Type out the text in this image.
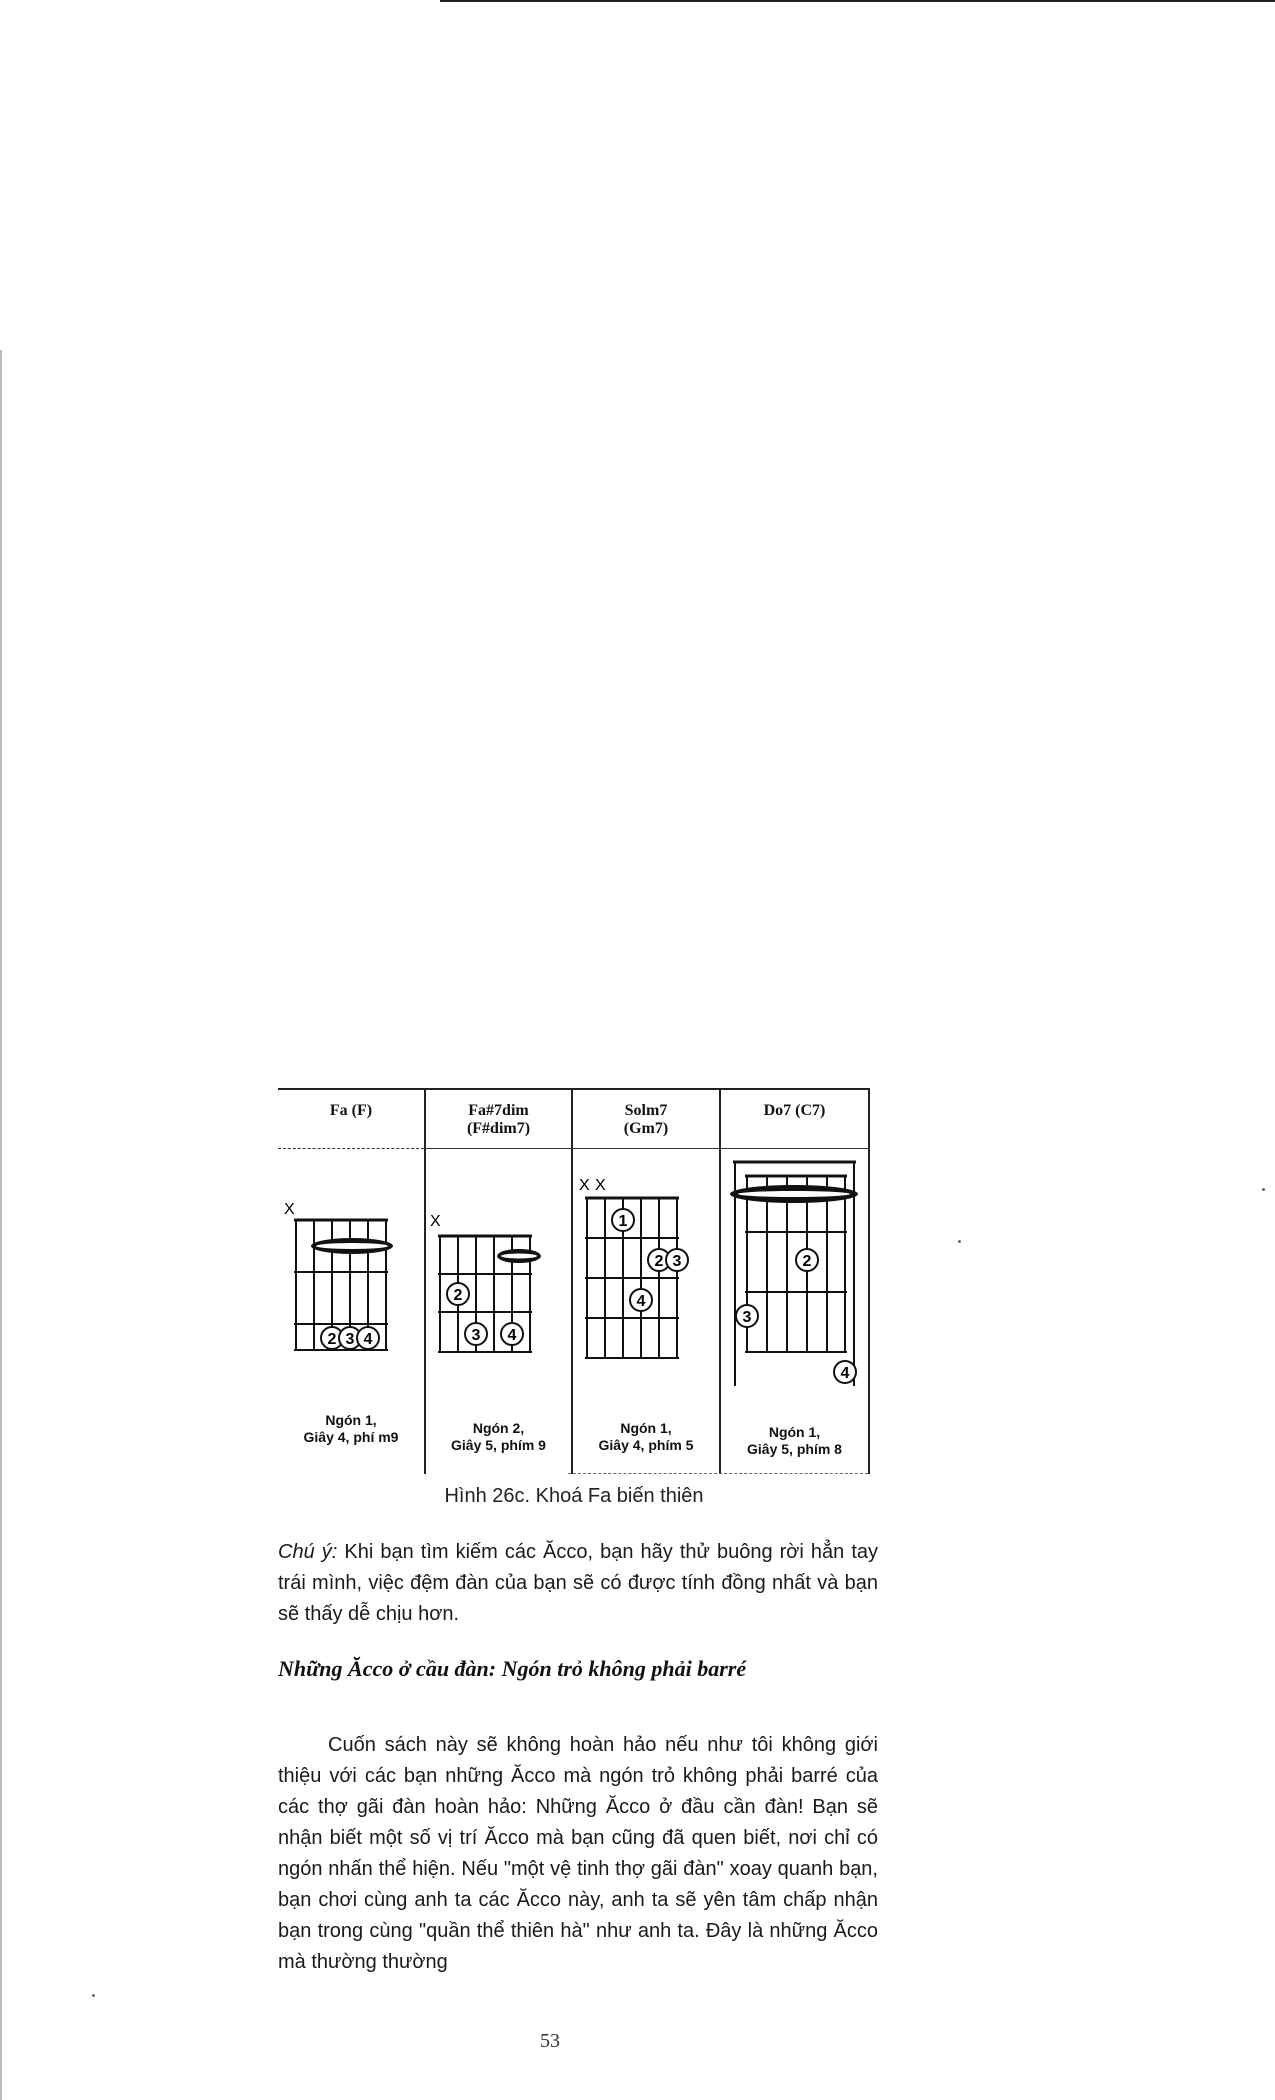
Fa (F)
X
2 3 4
Ngón 1,
Giây 4, phí m9
Fa#7dim
(F#dim7)
X
2
3 4
Ngón 2,
Giây 5, phím 9
Solm7
(Gm7)
X X
1
2 3
4
Ngón 1,
Giây 4, phím 5
Do7 (C7)
2
3
4
Ngón 1,
Giây 5, phím 8
Hình 26c. Khoá Fa biến thiên
Chú ý: Khi bạn tìm kiếm các Ăcco, bạn hãy thử buông rời hẳn tay trái mình, việc đệm đàn của bạn sẽ có được tính đồng nhất và bạn sẽ thấy dễ chịu hơn.
Những Ăcco ở cầu đàn: Ngón trỏ không phải barré
Cuốn sách này sẽ không hoàn hảo nếu như tôi không giới thiệu với các bạn những Ăcco mà ngón trỏ không phải barré của các thợ gãi đàn hoàn hảo: Những Ăcco ở đầu cần đàn! Bạn sẽ nhận biết một số vị trí Ăcco mà bạn cũng đã quen biết, nơi chỉ có ngón nhấn thể hiện. Nếu "một vệ tinh thợ gãi đàn" xoay quanh bạn, bạn chơi cùng anh ta các Ăcco này, anh ta sẽ yên tâm chấp nhận bạn trong cùng "quần thể thiên hà" như anh ta. Đây là những Ăcco mà thường thường
53
